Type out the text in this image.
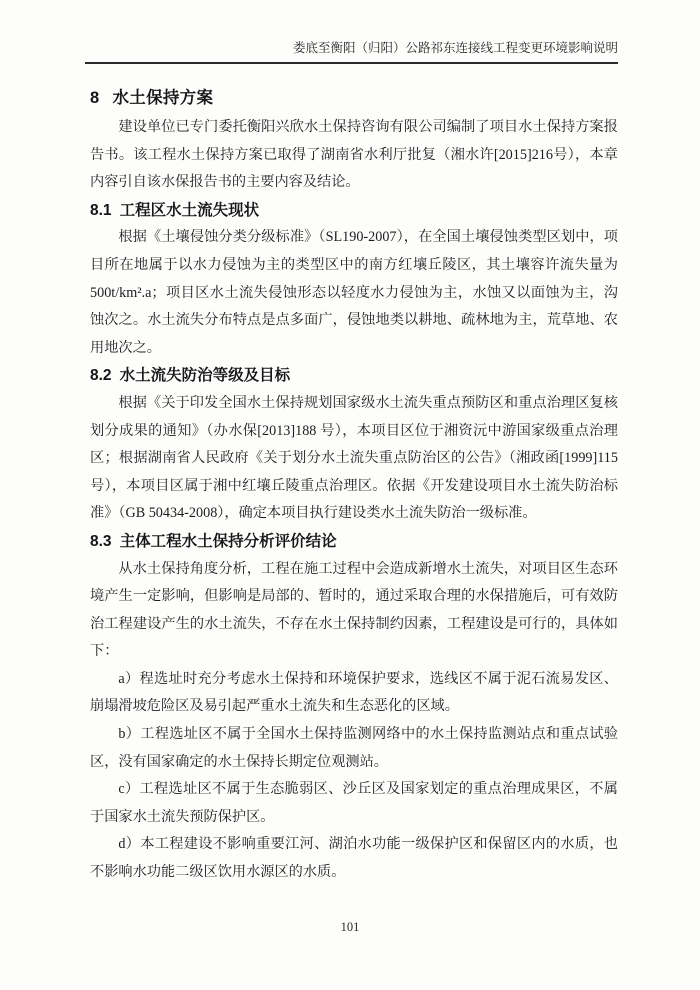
娄底至衡阳（归阳）公路祁东连接线工程变更环境影响说明
8 水土保持方案

建设单位已专门委托衡阳兴欣水土保持咨询有限公司编制了项目水土保持方案报告书。该工程水土保持方案已取得了湖南省水利厅批复（湘水许[2015]216号），本章内容引自该水保报告书的主要内容及结论。

8.1 工程区水土流失现状

根据《土壤侵蚀分类分级标准》（SL190-2007），在全国土壤侵蚀类型区划中，项目所在地属于以水力侵蚀为主的类型区中的南方红壤丘陵区，其土壤容许流失量为500t/km².a；项目区水土流失侵蚀形态以轻度水力侵蚀为主，水蚀又以面蚀为主，沟蚀次之。水土流失分布特点是点多面广，侵蚀地类以耕地、疏林地为主，荒草地、农用地次之。

8.2 水土流失防治等级及目标

根据《关于印发全国水土保持规划国家级水土流失重点预防区和重点治理区复核划分成果的通知》（办水保[2013]188 号），本项目区位于湘资沅中游国家级重点治理区；根据湖南省人民政府《关于划分水土流失重点防治区的公告》（湘政函[1999]115号），本项目区属于湘中红壤丘陵重点治理区。依据《开发建设项目水土流失防治标准》（GB 50434-2008），确定本项目执行建设类水土流失防治一级标准。

8.3 主体工程水土保持分析评价结论

从水土保持角度分析，工程在施工过程中会造成新增水土流失，对项目区生态环境产生一定影响，但影响是局部的、暂时的，通过采取合理的水保措施后，可有效防治工程建设产生的水土流失，不存在水土保持制约因素，工程建设是可行的，具体如下：

a）程选址时充分考虑水土保持和环境保护要求，选线区不属于泥石流易发区、崩塌滑坡危险区及易引起严重水土流失和生态恶化的区域。

b）工程选址区不属于全国水土保持监测网络中的水土保持监测站点和重点试验区，没有国家确定的水土保持长期定位观测站。

c）工程选址区不属于生态脆弱区、沙丘区及国家划定的重点治理成果区，不属于国家水土流失预防保护区。

d）本工程建设不影响重要江河、湖泊水功能一级保护区和保留区内的水质，也不影响水功能二级区饮用水源区的水质。

101
